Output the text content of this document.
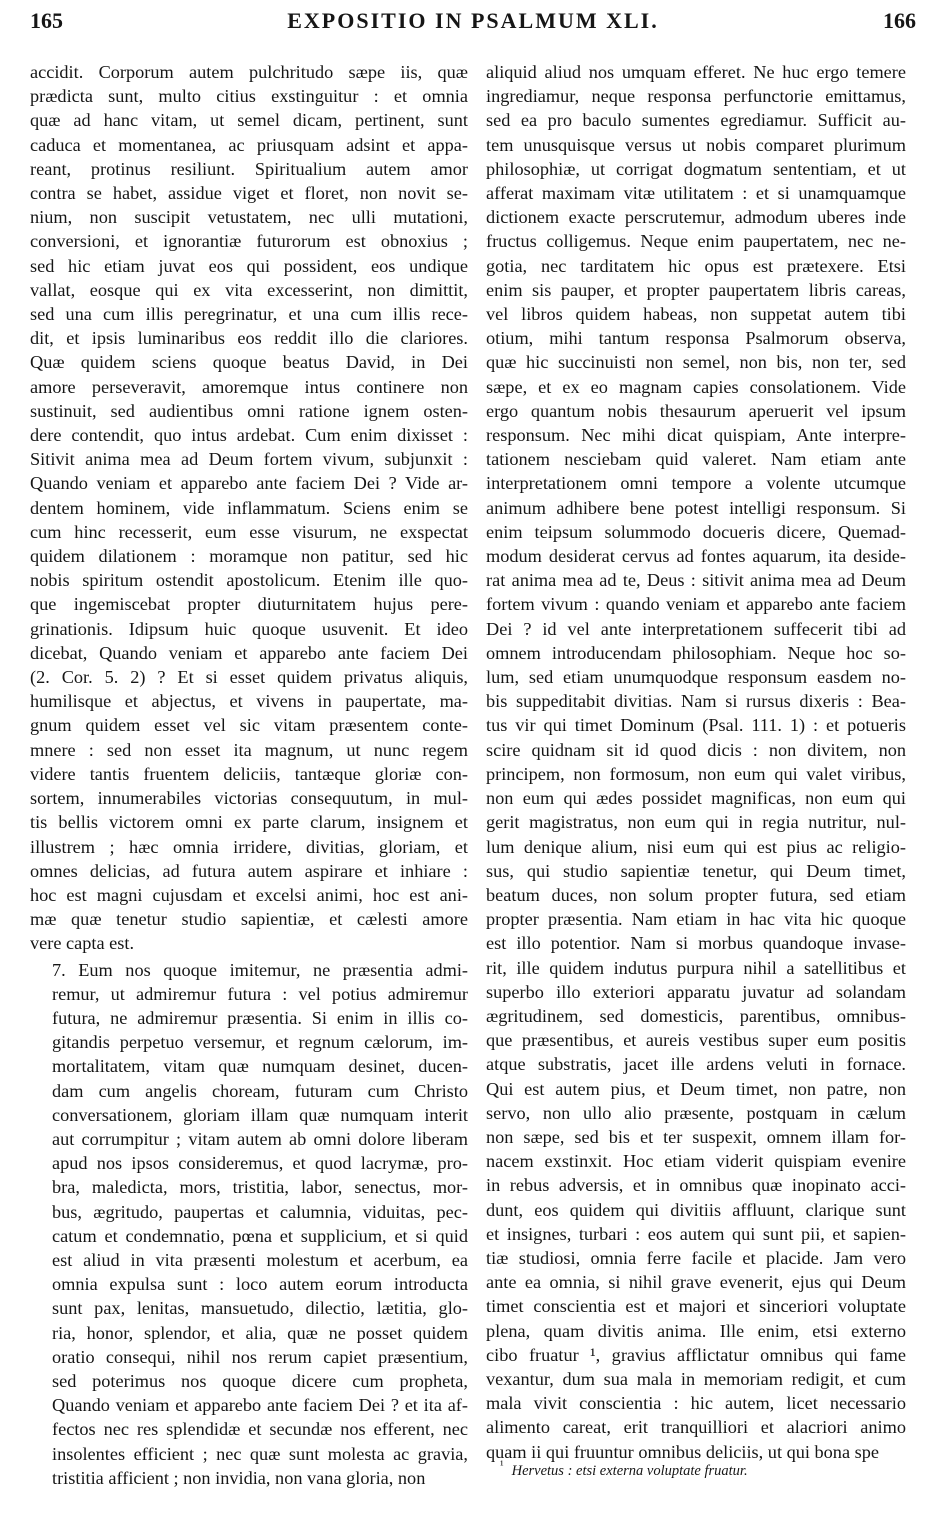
165	EXPOSITIO IN PSALMUM XLI.	166

accidit. Corporum autem pulchritudo sæpe iis, quæ
prædicta sunt, multo citius exstinguitur : et omnia
quæ ad hanc vitam, ut semel dicam, pertinent, sunt
caduca et momentanea, ac priusquam adsint et appa-
reant, protinus resiliunt. Spiritualium autem amor
contra se habet, assidue viget et floret, non novit se-
nium, non suscipit vetustatem, nec ulli mutationi,
conversioni, et ignorantiæ futurorum est obnoxius ;
sed hic etiam juvat eos qui possident, eos undique
vallat, eosque qui ex vita excesserint, non dimittit,
sed una cum illis peregrinatur, et una cum illis rece-
dit, et ipsis luminaribus eos reddit illo die clariores.
Quæ quidem sciens quoque beatus David, in Dei
amore perseveravit, amoremque intus continere non
sustinuit, sed audientibus omni ratione ignem osten-
dere contendit, quo intus ardebat. Cum enim dixisset :
Sitivit anima mea ad Deum fortem vivum, subjunxit :
Quando veniam et apparebo ante faciem Dei ? Vide ar-
dentem hominem, vide inflammatum. Sciens enim se
cum hinc recesserit, eum esse visurum, ne exspectat
quidem dilationem : moramque non patitur, sed hic
nobis spiritum ostendit apostolicum. Etenim ille quo-
que ingemiscebat propter diuturnitatem hujus pere-
grinationis. Idipsum huic quoque usuvenit. Et ideo
dicebat, Quando veniam et apparebo ante faciem Dei
(2. Cor. 5. 2) ? Et si esset quidem privatus aliquis,
humilisque et abjectus, et vivens in paupertate, ma-
gnum quidem esset vel sic vitam præsentem conte-
mnere : sed non esset ita magnum, ut nunc regem
videre tantis fruentem deliciis, tantæque gloriæ con-
sortem, innumerabiles victorias consequutum, in mul-
tis bellis victorem omni ex parte clarum, insignem et
illustrem ; hæc omnia irridere, divitias, gloriam, et
omnes delicias, ad futura autem aspirare et inhiare :
hoc est magni cujusdam et excelsi animi, hoc est ani-
mæ quæ tenetur studio sapientiæ, et cælesti amore
vere capta est.

7. Eum nos quoque imitemur, ne præsentia admi-
remur, ut admiremur futura : vel potius admiremur
futura, ne admiremur præsentia. Si enim in illis co-
gitandis perpetuo versemur, et regnum cælorum, im-
mortalitatem, vitam quæ numquam desinet, ducen-
dam cum angelis choream, futuram cum Christo
conversationem, gloriam illam quæ numquam interit
aut corrumpitur ; vitam autem ab omni dolore liberam
apud nos ipsos consideremus, et quod lacrymæ, pro-
bra, maledicta, mors, tristitia, labor, senectus, mor-
bus, ægritudo, paupertas et calumnia, viduitas, pec-
catum et condemnatio, pœna et supplicium, et si quid
est aliud in vita præsenti molestum et acerbum, ea
omnia expulsa sunt : loco autem eorum introducta
sunt pax, lenitas, mansuetudo, dilectio, lætitia, glo-
ria, honor, splendor, et alia, quæ ne posset quidem
oratio consequi, nihil nos rerum capiet præsentium,
sed poterimus nos quoque dicere cum propheta,
Quando veniam et apparebo ante faciem Dei ? et ita af-
fectos nec res splendidæ et secundæ nos efferent, nec
insolentes efficient ; nec quæ sunt molesta ac gravia,
tristitia afficient ; non invidia, non vana gloria, non

aliquid aliud nos umquam efferet. Ne huc ergo temere
ingrediamur, neque responsa perfunctorie emittamus,
sed ea pro baculo sumentes egrediamur. Sufficit au-
tem unusquisque versus ut nobis comparet plurimum
philosophiæ, ut corrigat dogmatum sententiam, et ut
afferat maximam vitæ utilitatem : et si unamquamque
dictionem exacte perscrutemur, admodum uberes inde
fructus colligemus. Neque enim paupertatem, nec ne-
gotia, nec tarditatem hic opus est prætexere. Etsi
enim sis pauper, et propter paupertatem libris careas,
vel libros quidem habeas, non suppetat autem tibi
otium, mihi tantum responsa Psalmorum observa,
quæ hic succinuisti non semel, non bis, non ter, sed
sæpe, et ex eo magnam capies consolationem. Vide
ergo quantum nobis thesaurum aperuerit vel ipsum
responsum. Nec mihi dicat quispiam, Ante interpre-
tationem nesciebam quid valeret. Nam etiam ante
interpretationem omni tempore a volente utcumque
animum adhibere bene potest intelligi responsum. Si
enim teipsum solummodo docueris dicere, Quemad-
modum desiderat cervus ad fontes aquarum, ita deside-
rat anima mea ad te, Deus : sitivit anima mea ad Deum
fortem vivum : quando veniam et apparebo ante faciem
Dei ? id vel ante interpretationem suffecerit tibi ad
omnem introducendam philosophiam. Neque hoc so-
lum, sed etiam unumquodque responsum easdem no-
bis suppeditabit divitias. Nam si rursus dixeris : Bea-
tus vir qui timet Dominum (Psal. 111. 1) : et potueris
scire quidnam sit id quod dicis : non divitem, non
principem, non formosum, non eum qui valet viribus,
non eum qui ædes possidet magnificas, non eum qui
gerit magistratus, non eum qui in regia nutritur, nul-
lum denique alium, nisi eum qui est pius ac religio-
sus, qui studio sapientiæ tenetur, qui Deum timet,
beatum duces, non solum propter futura, sed etiam
propter præsentia. Nam etiam in hac vita hic quoque
est illo potentior. Nam si morbus quandoque invase-
rit, ille quidem indutus purpura nihil a satellitibus et
superbo illo exteriori apparatu juvatur ad solandam
ægritudinem, sed domesticis, parentibus, omnibus-
que præsentibus, et aureis vestibus super eum positis
atque substratis, jacet ille ardens veluti in fornace.
Qui est autem pius, et Deum timet, non patre, non
servo, non ullo alio præsente, postquam in cælum
non sæpe, sed bis et ter suspexit, omnem illam for-
nacem exstinxit. Hoc etiam viderit quispiam evenire
in rebus adversis, et in omnibus quæ inopinato acci-
dunt, eos quidem qui divitiis affluunt, clarique sunt
et insignes, turbari : eos autem qui sunt pii, et sapien-
tiæ studiosi, omnia ferre facile et placide. Jam vero
ante ea omnia, si nihil grave evenerit, ejus qui Deum
timet conscientia est et majori et sinceriori voluptate
plena, quam divitis anima. Ille enim, etsi externo
cibo fruatur ¹, gravius afflictatur omnibus qui fame
vexantur, dum sua mala in memoriam redigit, et cum
mala vivit conscientia : hic autem, licet necessario
alimento careat, erit tranquilliori et alacriori animo
quam ii qui fruuntur omnibus deliciis, ut qui bona spe

$^{^1}$ Hervetus : etsi externa voluptate fruatur.
